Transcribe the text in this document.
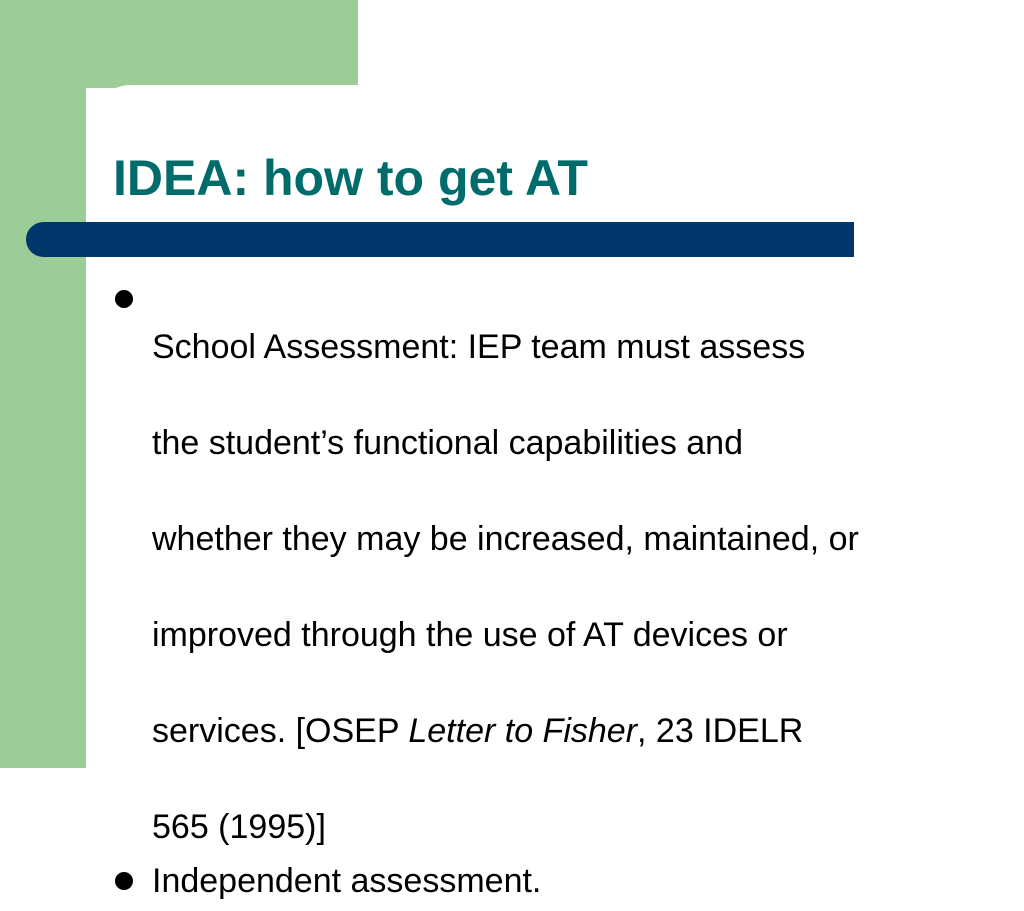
IDEA: how to get AT

School Assessment: IEP team must assess

the student’s functional capabilities and

whether they may be increased, maintained, or

improved through the use of AT devices or

services. [OSEP Letter to Fisher, 23 IDELR

565 (1995)]

Independent assessment.
